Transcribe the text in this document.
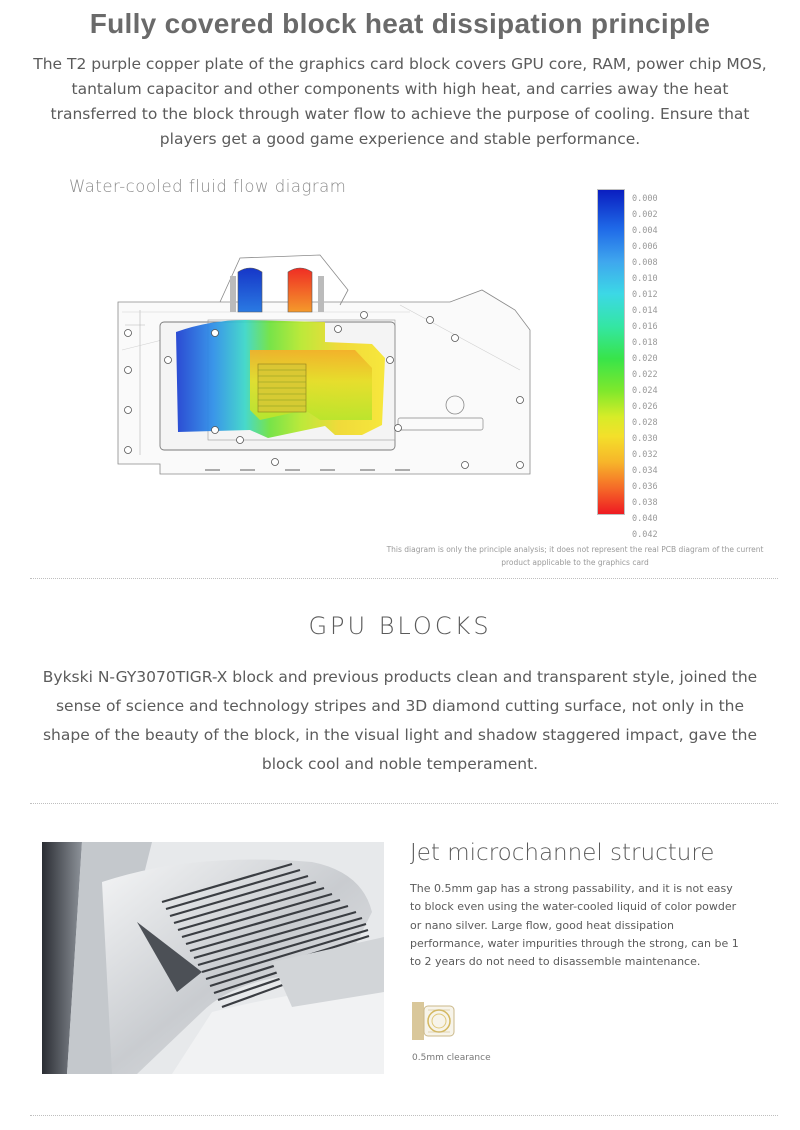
Fully covered block heat dissipation principle
The T2 purple copper plate of the graphics card block covers GPU core, RAM, power chip MOS, tantalum capacitor and other components with high heat, and carries away the heat transferred to the block through water flow to achieve the purpose of cooling. Ensure that players get a good game experience and stable performance.
Water-cooled fluid flow diagram
0.000
0.002
0.004
0.006
0.008
0.010
0.012
0.014
0.016
0.018
0.020
0.022
0.024
0.026
0.028
0.030
0.032
0.034
0.036
0.038
0.040
0.042
This diagram is only the principle analysis; it does not represent the real PCB diagram of the current product applicable to the graphics card
GPU BLOCKS
Bykski N-GY3070TIGR-X block and previous products clean and transparent style, joined the sense of science and technology stripes and 3D diamond cutting surface, not only in the shape of the beauty of the block, in the visual light and shadow staggered impact, gave the block cool and noble temperament.
Jet microchannel structure
The 0.5mm gap has a strong passability, and it is not easy to block even using the water-cooled liquid of color powder or nano silver. Large flow, good heat dissipation performance, water impurities through the strong, can be 1 to 2 years do not need to disassemble maintenance.
0.5mm clearance
